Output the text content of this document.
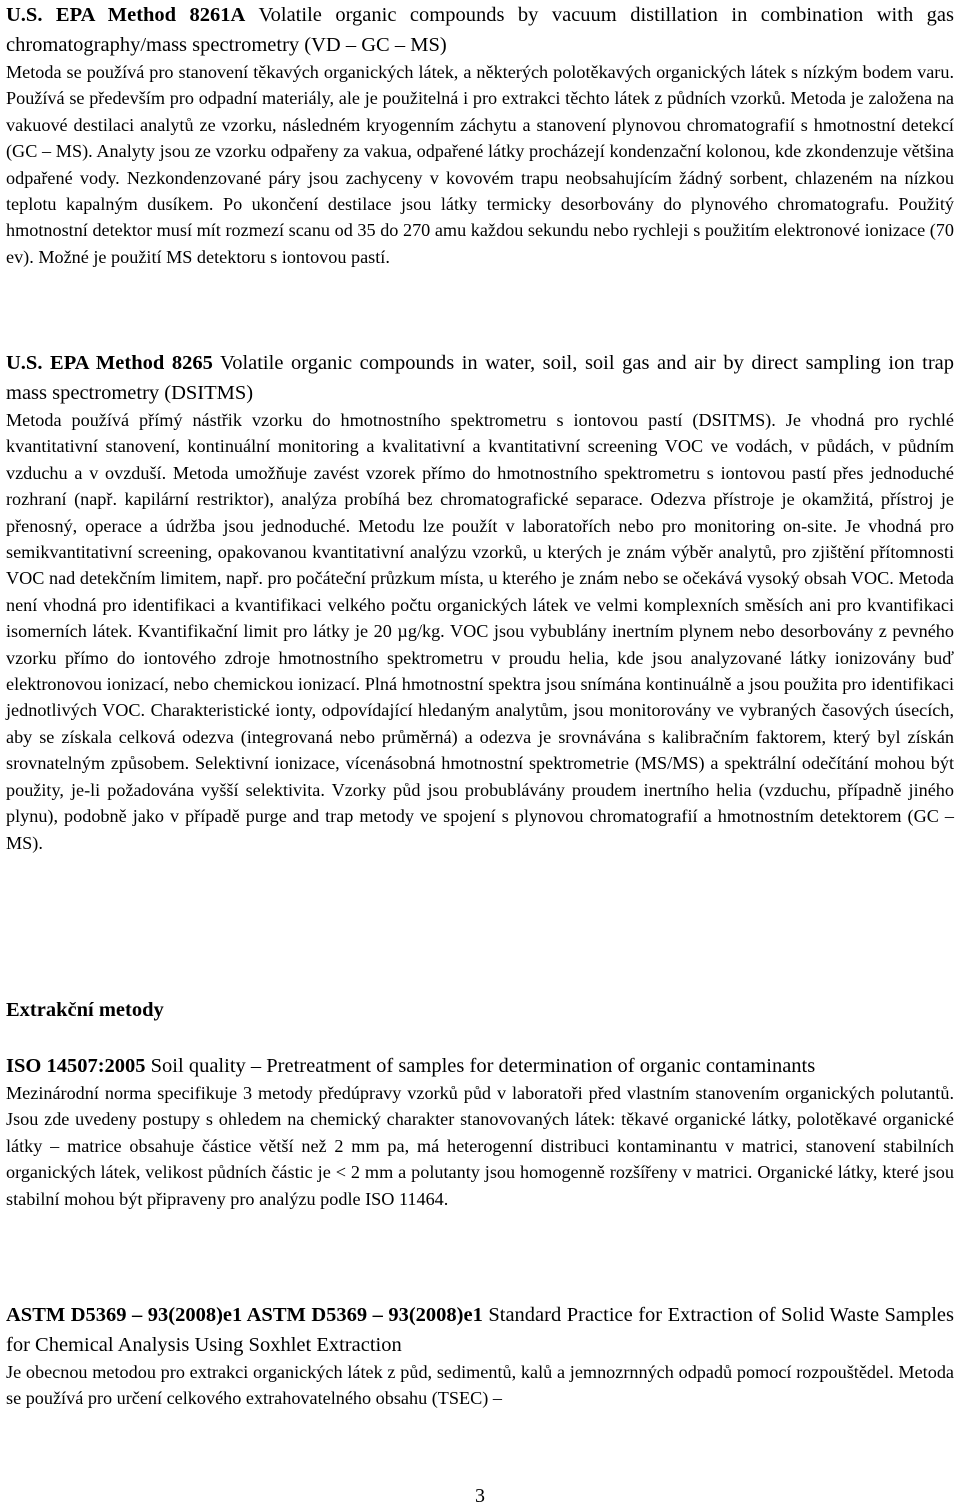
U.S. EPA Method 8261A Volatile organic compounds by vacuum distillation in combination with gas chromatography/mass spectrometry (VD – GC – MS)

Metoda se používá pro stanovení těkavých organických látek, a některých polotěkavých organických látek s nízkým bodem varu. Používá se především pro odpadní materiály, ale je použitelná i pro extrakci těchto látek z půdních vzorků. Metoda je založena na vakuové destilaci analytů ze vzorku, následném kryogenním záchytu a stanovení plynovou chromatografií s hmotnostní detekcí (GC – MS). Analyty jsou ze vzorku odpařeny za vakua, odpařené látky procházejí kondenzační kolonou, kde zkondenzuje většina odpařené vody. Nezkondenzované páry jsou zachyceny v kovovém trapu neobsahujícím žádný sorbent, chlazeném na nízkou teplotu kapalným dusíkem. Po ukončení destilace jsou látky termicky desorbovány do plynového chromatografu. Použitý hmotnostní detektor musí mít rozmezí scanu od 35 do 270 amu každou sekundu nebo rychleji s použitím elektronové ionizace (70 ev). Možné je použití MS detektoru s iontovou pastí.

U.S. EPA Method 8265 Volatile organic compounds in water, soil, soil gas and air by direct sampling ion trap mass spectrometry (DSITMS)

Metoda používá přímý nástřik vzorku do hmotnostního spektrometru s iontovou pastí (DSITMS). Je vhodná pro rychlé kvantitativní stanovení, kontinuální monitoring a kvalitativní a kvantitativní screening VOC ve vodách, v půdách, v půdním vzduchu a v ovzduší. Metoda umožňuje zavést vzorek přímo do hmotnostního spektrometru s iontovou pastí přes jednoduché rozhraní (např. kapilární restriktor), analýza probíhá bez chromatografické separace. Odezva přístroje je okamžitá, přístroj je přenosný, operace a údržba jsou jednoduché. Metodu lze použít v laboratořích nebo pro monitoring on-site. Je vhodná pro semikvantitativní screening, opakovanou kvantitativní analýzu vzorků, u kterých je znám výběr analytů, pro zjištění přítomnosti VOC nad detekčním limitem, např. pro počáteční průzkum místa, u kterého je znám nebo se očekává vysoký obsah VOC. Metoda není vhodná pro identifikaci a kvantifikaci velkého počtu organických látek ve velmi komplexních směsích ani pro kvantifikaci isomerních látek. Kvantifikační limit pro látky je 20 µg/kg. VOC jsou vybublány inertním plynem nebo desorbovány z pevného vzorku přímo do iontového zdroje hmotnostního spektrometru v proudu helia, kde jsou analyzované látky ionizovány buď elektronovou ionizací, nebo chemickou ionizací. Plná hmotnostní spektra jsou snímána kontinuálně a jsou použita pro identifikaci jednotlivých VOC. Charakteristické ionty, odpovídající hledaným analytům, jsou monitorovány ve vybraných časových úsecích, aby se získala celková odezva (integrovaná nebo průměrná) a odezva je srovnávána s kalibračním faktorem, který byl získán srovnatelným způsobem. Selektivní ionizace, vícenásobná hmotnostní spektrometrie (MS/MS) a spektrální odečítání mohou být použity, je-li požadována vyšší selektivita. Vzorky půd jsou probublávány proudem inertního helia (vzduchu, případně jiného plynu), podobně jako v případě purge and trap metody ve spojení s plynovou chromatografií a hmotnostním detektorem (GC – MS).

Extrakční metody

ISO 14507:2005 Soil quality – Pretreatment of samples for determination of organic contaminants

Mezinárodní norma specifikuje 3 metody předúpravy vzorků půd v laboratoři před vlastním stanovením organických polutantů. Jsou zde uvedeny postupy s ohledem na chemický charakter stanovovaných látek: těkavé organické látky, polotěkavé organické látky – matrice obsahuje částice větší než 2 mm pa, má heterogenní distribuci kontaminantu v matrici, stanovení stabilních organických látek, velikost půdních částic je < 2 mm a polutanty jsou homogenně rozšířeny v matrici. Organické látky, které jsou stabilní mohou být připraveny pro analýzu podle ISO 11464.

ASTM D5369 – 93(2008)e1 ASTM D5369 – 93(2008)e1 Standard Practice for Extraction of Solid Waste Samples for Chemical Analysis Using Soxhlet Extraction

Je obecnou metodou pro extrakci organických látek z půd, sedimentů, kalů a jemnozrnných odpadů pomocí rozpouštědel. Metoda se používá pro určení celkového extrahovatelného obsahu (TSEC) –

3
